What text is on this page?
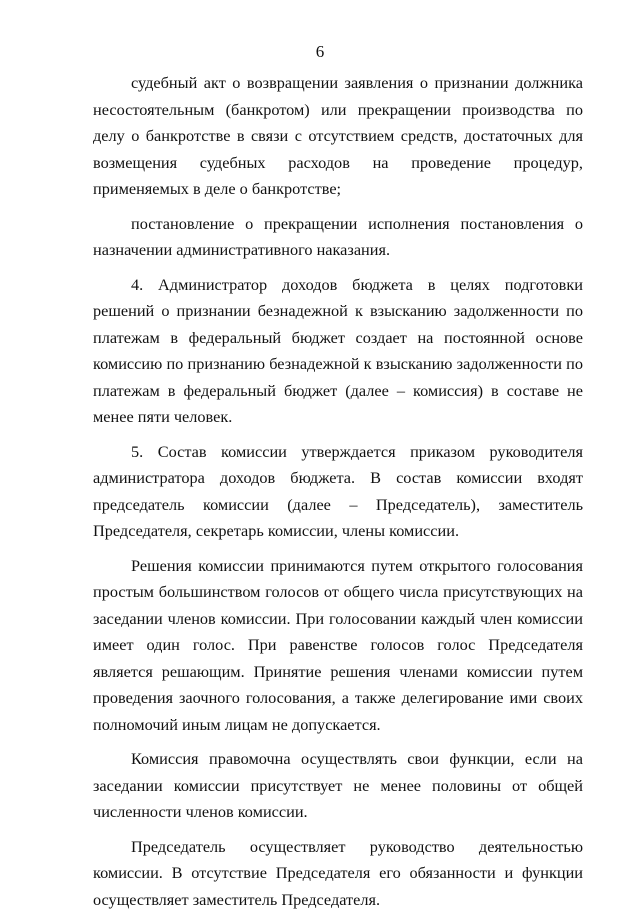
6

судебный акт о возвращении заявления о признании должника несостоятельным (банкротом) или прекращении производства по делу о банкротстве в связи с отсутствием средств, достаточных для возмещения судебных расходов на проведение процедур, применяемых в деле о банкротстве;

постановление о прекращении исполнения постановления о назначении административного наказания.

4. Администратор доходов бюджета в целях подготовки решений о признании безнадежной к взысканию задолженности по платежам в федеральный бюджет создает на постоянной основе комиссию по признанию безнадежной к взысканию задолженности по платежам в федеральный бюджет (далее – комиссия) в составе не менее пяти человек.

5. Состав комиссии утверждается приказом руководителя администратора доходов бюджета. В состав комиссии входят председатель комиссии (далее – Председатель), заместитель Председателя, секретарь комиссии, члены комиссии.

Решения комиссии принимаются путем открытого голосования простым большинством голосов от общего числа присутствующих на заседании членов комиссии. При голосовании каждый член комиссии имеет один голос. При равенстве голосов голос Председателя является решающим. Принятие решения членами комиссии путем проведения заочного голосования, а также делегирование ими своих полномочий иным лицам не допускается.

Комиссия правомочна осуществлять свои функции, если на заседании комиссии присутствует не менее половины от общей численности членов комиссии.

Председатель осуществляет руководство деятельностью комиссии. В отсутствие Председателя его обязанности и функции осуществляет заместитель Председателя.
